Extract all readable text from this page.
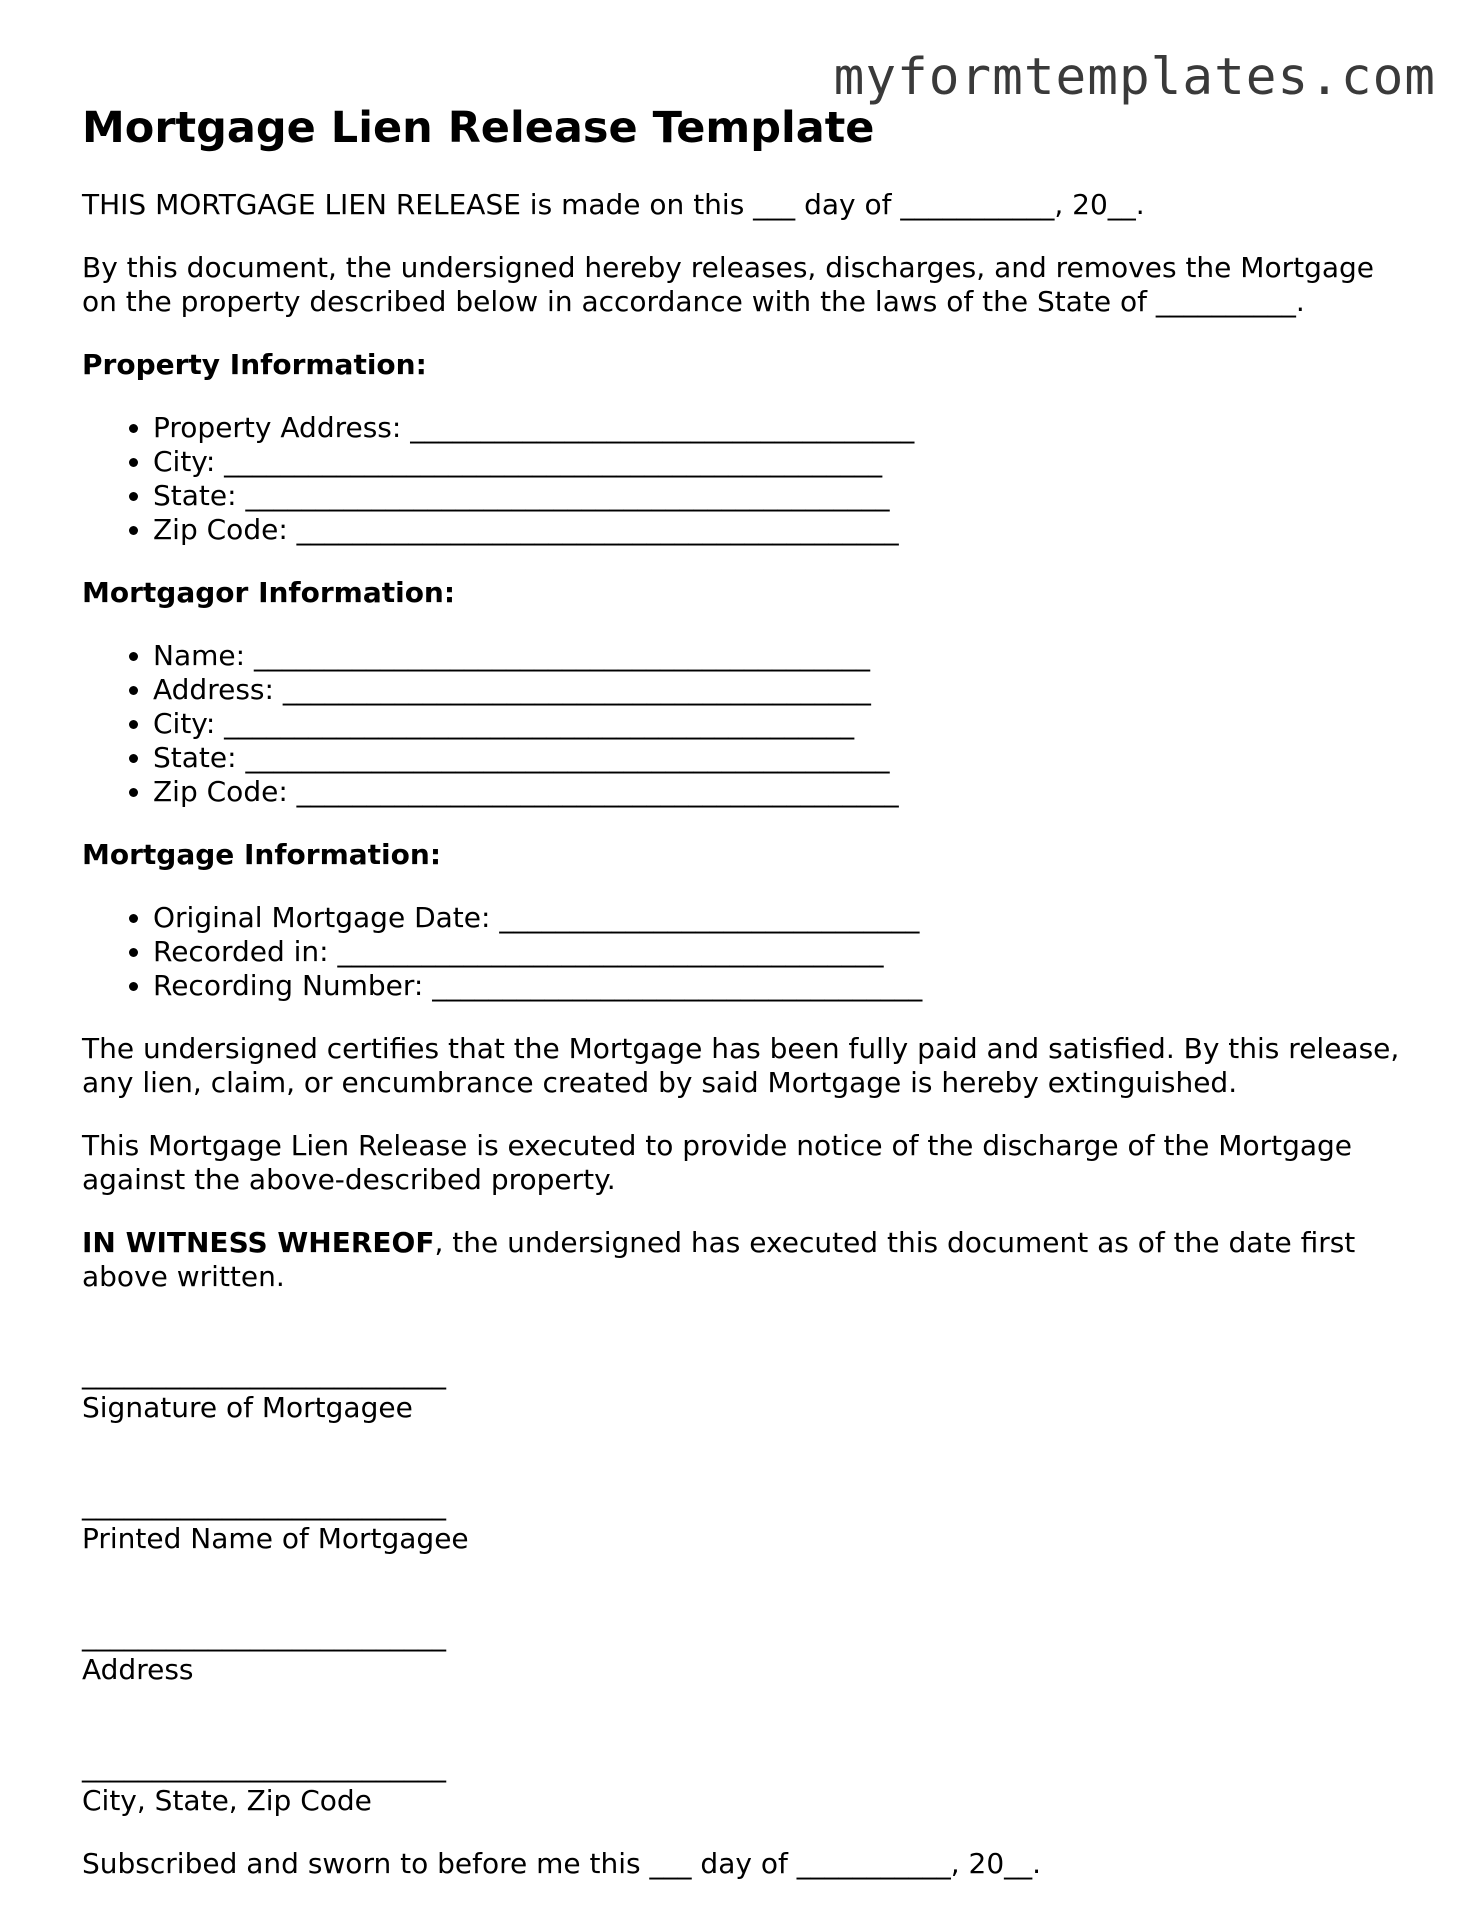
myformtemplates.com
Mortgage Lien Release Template

THIS MORTGAGE LIEN RELEASE is made on this ___ day of ___________, 20__.

By this document, the undersigned hereby releases, discharges, and removes the Mortgage on the property described below in accordance with the laws of the State of __________.

Property Information:

• Property Address: ____________________________________
• City: _______________________________________________
• State: ______________________________________________
• Zip Code: ___________________________________________

Mortgagor Information:

• Name: ____________________________________________
• Address: __________________________________________
• City: _____________________________________________
• State: ______________________________________________
• Zip Code: ___________________________________________

Mortgage Information:

• Original Mortgage Date: ______________________________
• Recorded in: _______________________________________
• Recording Number: ___________________________________

The undersigned certifies that the Mortgage has been fully paid and satisfied. By this release, any lien, claim, or encumbrance created by said Mortgage is hereby extinguished.

This Mortgage Lien Release is executed to provide notice of the discharge of the Mortgage against the above-described property.

IN WITNESS WHEREOF, the undersigned has executed this document as of the date first above written.

__________________________
Signature of Mortgagee
__________________________
Printed Name of Mortgagee
__________________________
Address
__________________________
City, State, Zip Code

Subscribed and sworn to before me this ___ day of ___________, 20__.
